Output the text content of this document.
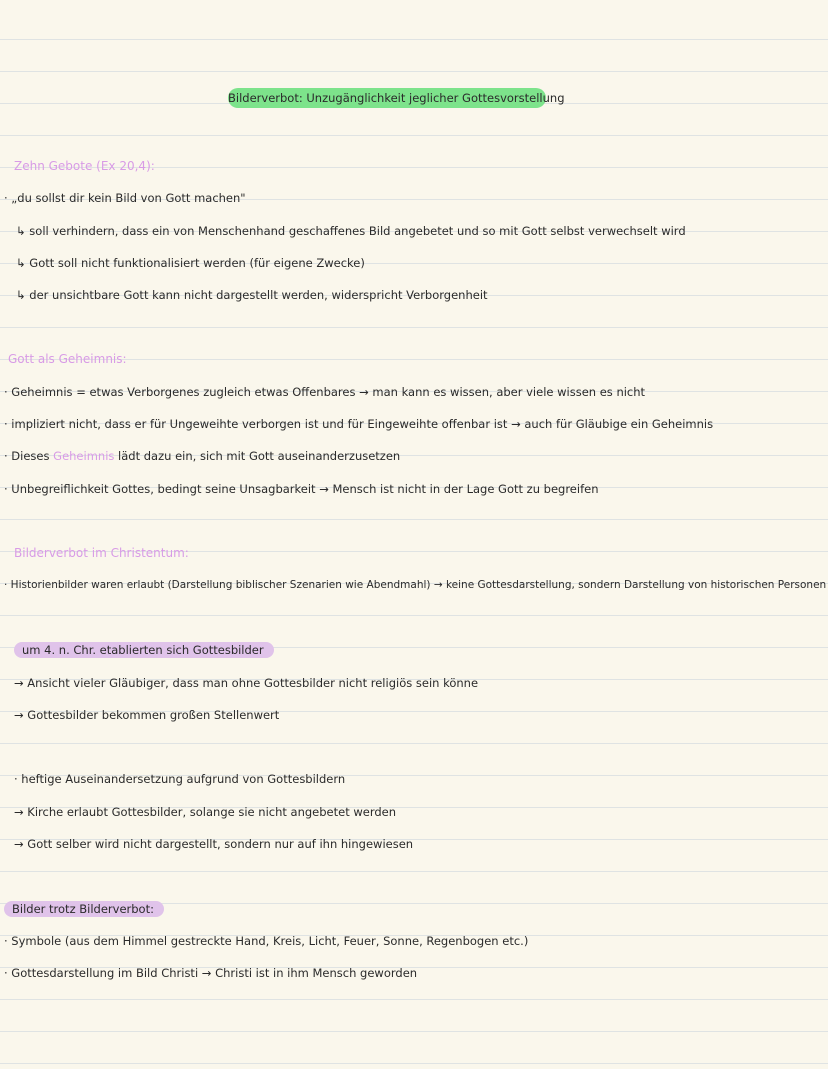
Bilderverbot: Unzugänglichkeit jeglicher Gottesvorstellung
Zehn Gebote (Ex 20,4):
· „du sollst dir kein Bild von Gott machen"
↳ soll verhindern, dass ein von Menschenhand geschaffenes Bild angebetet und so mit Gott selbst verwechselt wird
↳ Gott soll nicht funktionalisiert werden (für eigene Zwecke)
↳ der unsichtbare Gott kann nicht dargestellt werden, widerspricht Verborgenheit
Gott als Geheimnis:
· Geheimnis = etwas Verborgenes zugleich etwas Offenbares → man kann es wissen, aber viele wissen es nicht
· impliziert nicht, dass er für Ungeweihte verborgen ist und für Eingeweihte offenbar ist → auch für Gläubige ein Geheimnis
· Dieses Geheimnis lädt dazu ein, sich mit Gott auseinanderzusetzen
· Unbegreiflichkeit Gottes, bedingt seine Unsagbarkeit → Mensch ist nicht in der Lage Gott zu begreifen
Bilderverbot im Christentum:
· Historienbilder waren erlaubt (Darstellung biblischer Szenarien wie Abendmahl) → keine Gottesdarstellung, sondern Darstellung von historischen Personen
um 4. n. Chr. etablierten sich Gottesbilder
→ Ansicht vieler Gläubiger, dass man ohne Gottesbilder nicht religiös sein könne
→ Gottesbilder bekommen großen Stellenwert
· heftige Auseinandersetzung aufgrund von Gottesbildern
→ Kirche erlaubt Gottesbilder, solange sie nicht angebetet werden
→ Gott selber wird nicht dargestellt, sondern nur auf ihn hingewiesen
Bilder trotz Bilderverbot:
· Symbole (aus dem Himmel gestreckte Hand, Kreis, Licht, Feuer, Sonne, Regenbogen etc.)
· Gottesdarstellung im Bild Christi → Christi ist in ihm Mensch geworden
